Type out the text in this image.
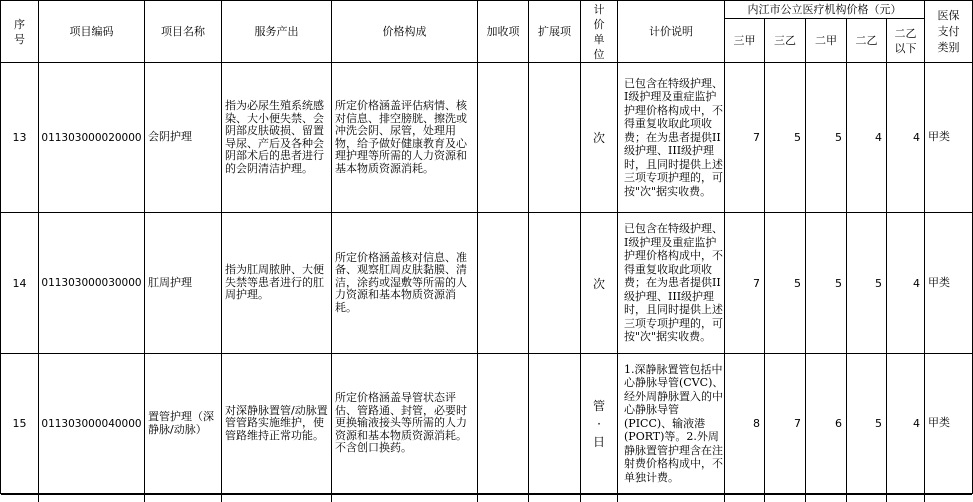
序号	项目编码	项目名称	服务产出	价格构成	加收项	扩展项	计价单位	计价说明	内江市公立医疗机构价格（元）					医保支付类别

									三甲	三乙	二甲	二乙	二乙以下	

13	011303000020000	会阴护理	指为必尿生殖系统感染、大小便失禁、会阴部皮肤破损、留置导尿、产后及各种会阴部术后的患者进行的会阴清洁护理。	所定价格涵盖评估病情、核对信息、排空膀胱、擦洗或冲洗会阴、尿管，处理用物，给予做好健康教育及心理护理等所需的人力资源和基本物质资源消耗。			次	已包含在特级护理、I级护理及重症监护护理价格构成中，不得重复收取此项收费；在为患者提供II级护理、III级护理时，且同时提供上述三项专项护理的，可按"次"据实收费。	7	5	5	4	4	甲类
14	011303000030000	肛周护理	指为肛周脓肿、大便失禁等患者进行的肛周护理。	所定价格涵盖核对信息、准备、观察肛周皮肤黏膜、清洁，涂药或湿敷等所需的人力资源和基本物质资源消耗。			次	已包含在特级护理、I级护理及重症监护护理价格构成中，不得重复收取此项收费；在为患者提供II级护理、III级护理时，且同时提供上述三项专项护理的，可按"次"据实收费。	7	5	5	5	4	甲类
15	011303000040000	置管护理（深静脉/动脉）	对深静脉置管/动脉置管管路实施维护，使管路维持正常功能。	所定价格涵盖导管状态评估、管路通、封管，必要时更换输液接头等所需的人力资源和基本物质资源消耗。不含创口换药。			管·日	1.深静脉置管包括中心静脉导管(CVC)、经外周静脉置入的中心静脉导管(PICC)、输液港(PORT)等。2.外周静脉置管护理含在注射费价格构成中，不单独计费。	8	7	6	5	4	甲类
